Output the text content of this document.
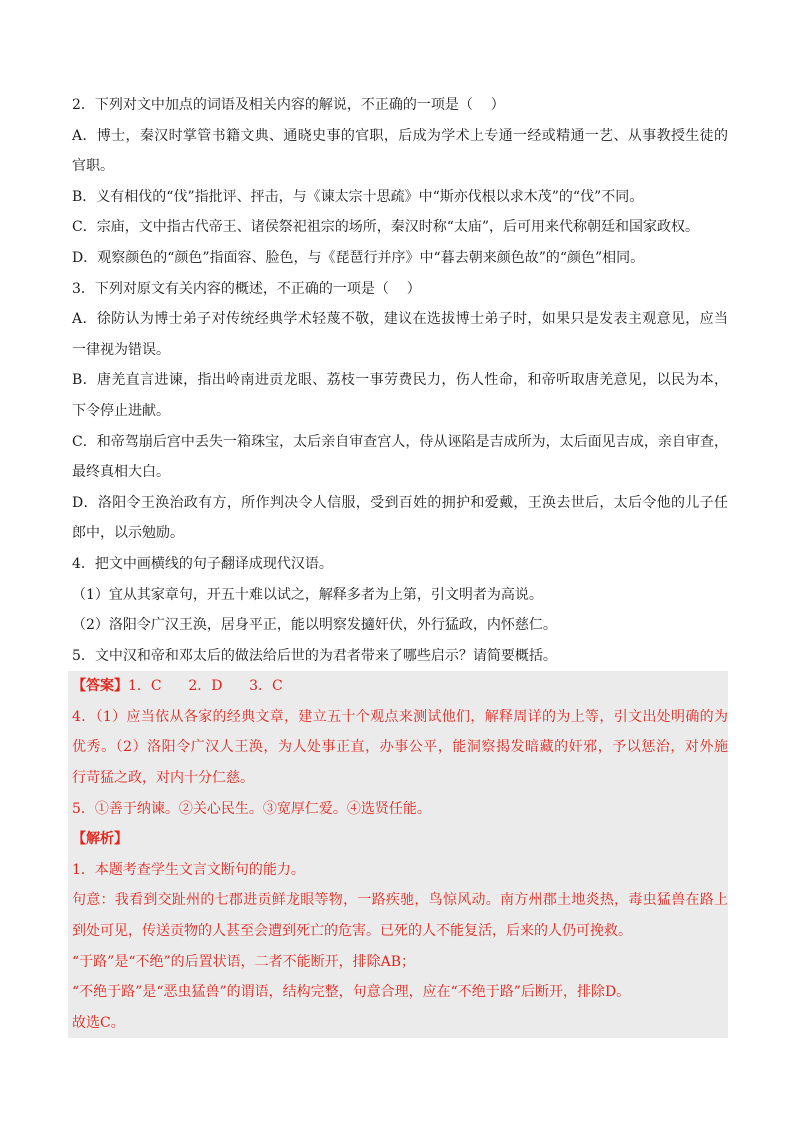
2．下列对文中加点的词语及相关内容的解说，不正确的一项是（    ）
A．博士，秦汉时掌管书籍文典、通晓史事的官职，后成为学术上专通一经或精通一艺、从事教授生徒的
官职。
B．义有相伐的“伐”指批评、抨击，与《谏太宗十思疏》中“斯亦伐根以求木茂”的“伐”不同。
C．宗庙，文中指古代帝王、诸侯祭祀祖宗的场所，秦汉时称“太庙”，后可用来代称朝廷和国家政权。
D．观察颜色的“颜色”指面容、脸色，与《琵琶行并序》中“暮去朝来颜色故”的“颜色”相同。
3．下列对原文有关内容的概述，不正确的一项是（    ）
A．徐防认为博士弟子对传统经典学术轻蔑不敬，建议在选拔博士弟子时，如果只是发表主观意见，应当
一律视为错误。
B．唐羌直言进谏，指出岭南进贡龙眼、荔枝一事劳费民力，伤人性命，和帝听取唐羌意见，以民为本，
下令停止进献。
C．和帝驾崩后宫中丢失一箱珠宝，太后亲自审查宫人，侍从诬陷是吉成所为，太后面见吉成，亲自审查，
最终真相大白。
D．洛阳令王涣治政有方，所作判决令人信服，受到百姓的拥护和爱戴，王涣去世后，太后令他的儿子任
郎中，以示勉励。
4．把文中画横线的句子翻译成现代汉语。
（1）宜从其家章句，开五十难以试之，解释多者为上第，引文明者为高说。
（2）洛阳令广汉王涣，居身平正，能以明察发擿奸伏，外行猛政，内怀慈仁。
5．文中汉和帝和邓太后的做法给后世的为君者带来了哪些启示？请简要概括。
【答案】1．C      2．D      3．C
4．（1）应当依从各家的经典文章，建立五十个观点来测试他们，解释周详的为上等，引文出处明确的为
优秀。（2）洛阳令广汉人王涣，为人处事正直，办事公平，能洞察揭发暗藏的奸邪，予以惩治，对外施
行苛猛之政，对内十分仁慈。
5．①善于纳谏。②关心民生。③宽厚仁爱。④选贤任能。
【解析】
1．本题考查学生文言文断句的能力。
句意：我看到交趾州的七郡进贡鲜龙眼等物，一路疾驰，鸟惊风动。南方州郡土地炎热，毒虫猛兽在路上
到处可见，传送贡物的人甚至会遭到死亡的危害。已死的人不能复活，后来的人仍可挽救。
“于路”是“不绝”的后置状语，二者不能断开，排除AB；
“不绝于路”是“恶虫猛兽”的谓语，结构完整，句意合理，应在“不绝于路”后断开，排除D。
故选C。
